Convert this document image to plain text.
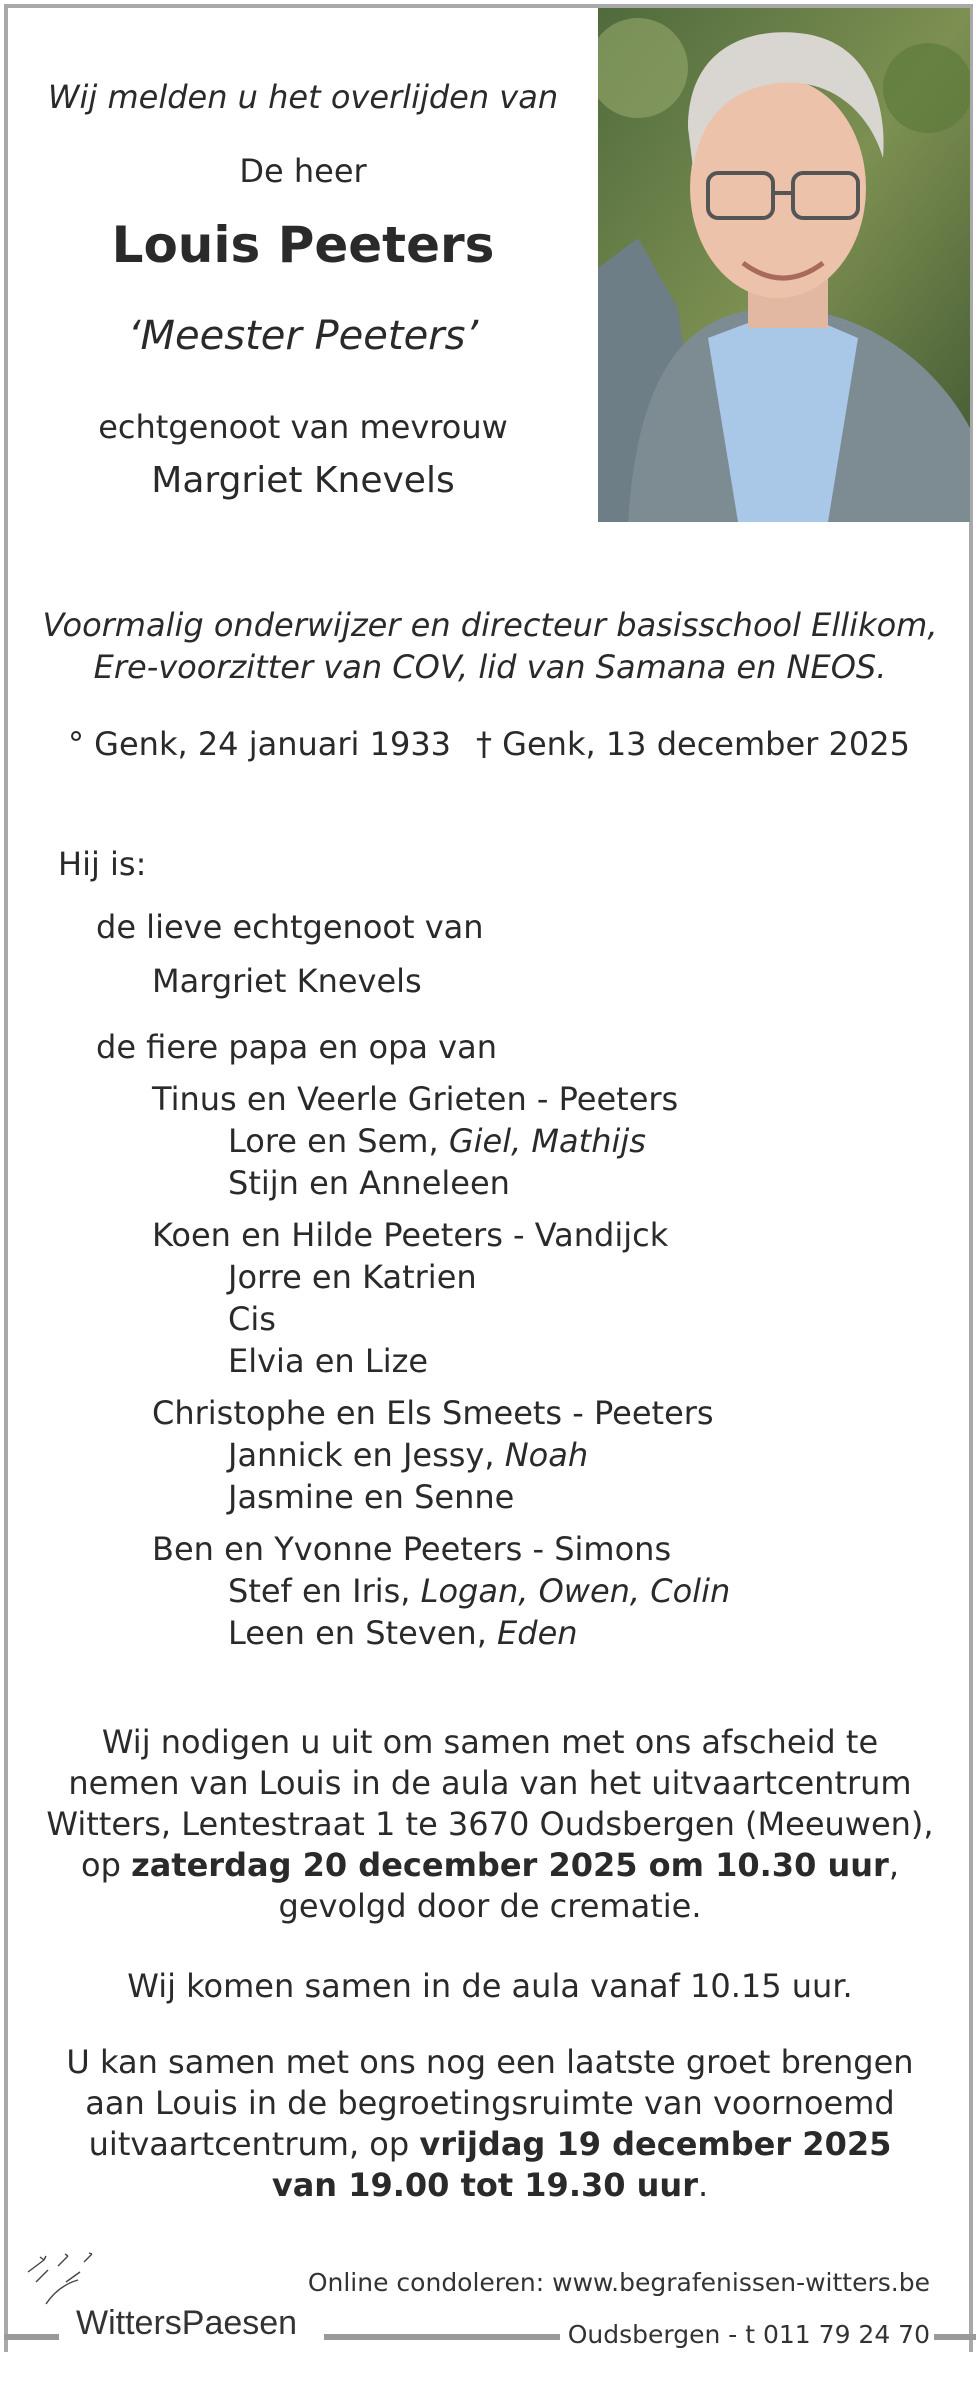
Wij melden u het overlijden van
De heer
Louis Peeters
‘Meester Peeters’
echtgenoot van mevrouw
Margriet Knevels
Voormalig onderwijzer en directeur basisschool Ellikom,
Ere-voorzitter van COV, lid van Samana en NEOS.
° Genk, 24 januari 1933 † Genk, 13 december 2025
Hij is:
de lieve echtgenoot van
Margriet Knevels
de fiere papa en opa van
Tinus en Veerle Grieten - Peeters
Lore en Sem, Giel, Mathijs
Stijn en Anneleen
Koen en Hilde Peeters - Vandijck
Jorre en Katrien
Cis
Elvia en Lize
Christophe en Els Smeets - Peeters
Jannick en Jessy, Noah
Jasmine en Senne
Ben en Yvonne Peeters - Simons
Stef en Iris, Logan, Owen, Colin
Leen en Steven, Eden
Wij nodigen u uit om samen met ons afscheid te
nemen van Louis in de aula van het uitvaartcentrum
Witters, Lentestraat 1 te 3670 Oudsbergen (Meeuwen),
op zaterdag 20 december 2025 om 10.30 uur,
gevolgd door de crematie.
Wij komen samen in de aula vanaf 10.15 uur.
U kan samen met ons nog een laatste groet brengen
aan Louis in de begroetingsruimte van voornoemd
uitvaartcentrum, op vrijdag 19 december 2025
van 19.00 tot 19.30 uur.
WittersPaesen
Online condoleren: www.begrafenissen-witters.be
Oudsbergen - t 011 79 24 70
